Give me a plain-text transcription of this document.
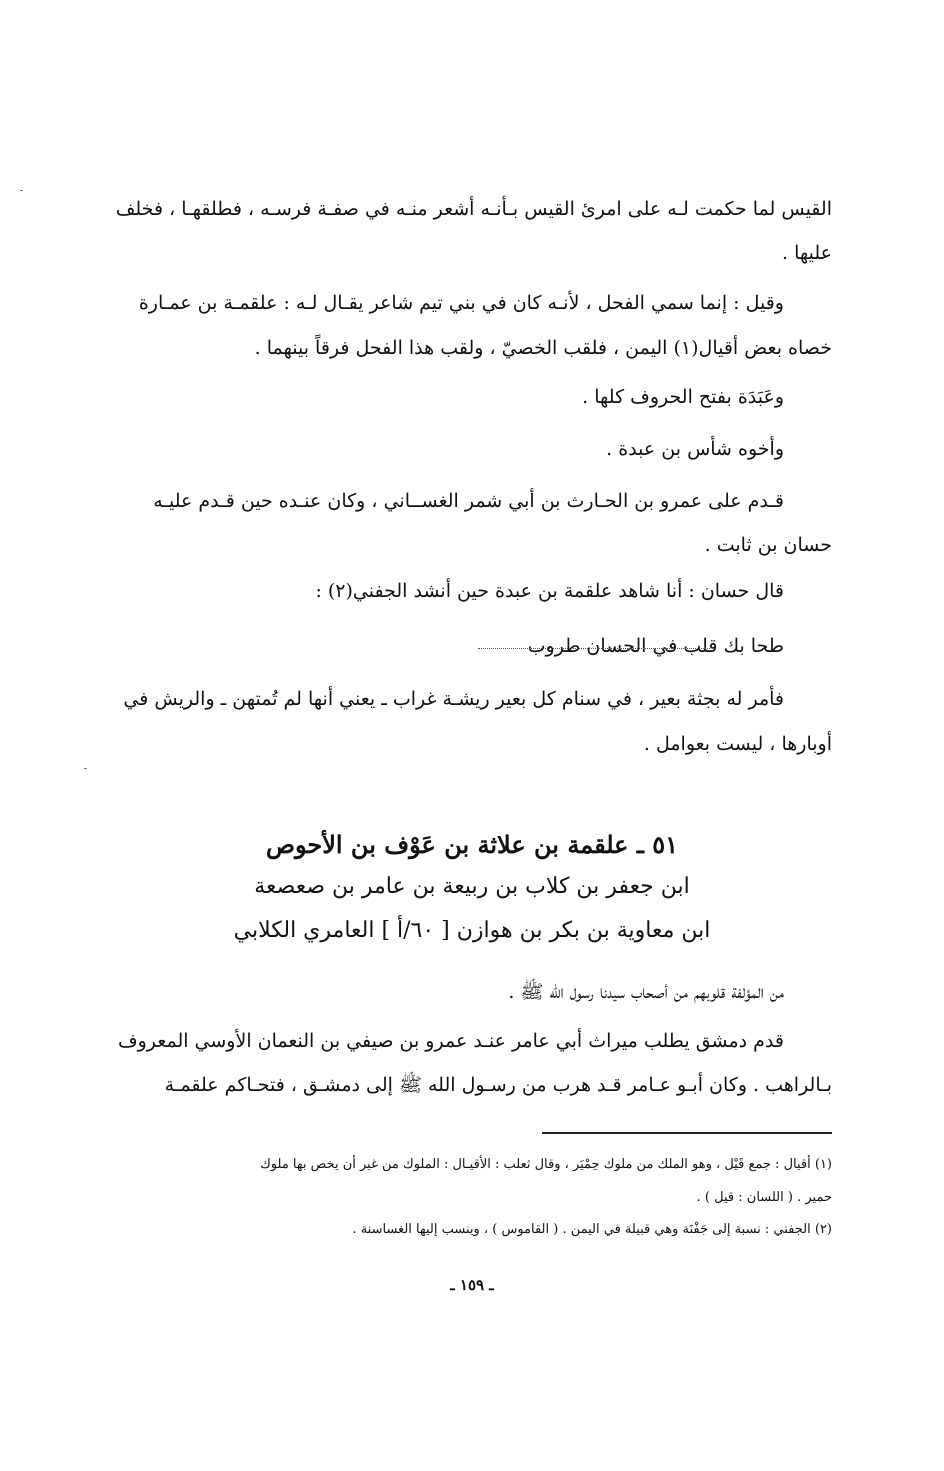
القيس لما حكمت لـه على امرئ القيس بـأنـه أشعر منـه في صفـة فرسـه ، فطلقهـا ، فخلف
عليها .
وقيل : إنما سمي الفحل ، لأنـه كان في بني تيم شاعر يقـال لـه : علقمـة بن عمـارة
خصاه بعض أقيال(١) اليمن ، فلقب الخصيّ ، ولقب هذا الفحل فرقاً بينهما .
وعَبَدَة بفتح الحروف كلها .
وأخوه شأس بن عبدة .
قـدم على عمرو بن الحـارث بن أبي شمر الغســاني ، وكان عنـده حين قـدم عليـه
حسان بن ثابت .
قال حسان : أنا شاهد علقمة بن عبدة حين أنشد الجفني(٢) :
طحا بك قلب في الحسان طروب
فأمر له بجثة بعير ، في سنام كل بعير ريشـة غراب ـ يعني أنها لم تُمتهن ـ والريش في
أوبارها ، ليست بعوامل .
٥١ ـ علقمة بن علاثة بن عَوْف بن الأحوص
ابن جعفر بن كلاب بن ربيعة بن عامر بن صعصعة
ابن معاوية بن بكر بن هوازن [ ٦٠/أ ] العامري الكلابي
من المؤلفة قلوبهم من أصحاب سيدنا رسول الله ﷺ .
قدم دمشق يطلب ميراث أبي عامر عنـد عمرو بن صيفي بن النعمان الأوسي المعروف
بـالراهب . وكان أبـو عـامر قـد هرب من رسـول الله ﷺ إلى دمشـق ، فتحـاكم علقمـة
(١) أقيال : جمع قَيْل ، وهو الملك من ملوك حِمْيَر ، وقال ثعلب : الأقيـال : الملوك من غير أن يخص بها ملوك
حمير . ( اللسان : قيل ) .
(٢) الجفني : نسبة إلى جَفْنَة وهي قبيلة في اليمن . ( القاموس ) ، وينسب إليها الغساسنة .
ـ ١٥٩ ـ
